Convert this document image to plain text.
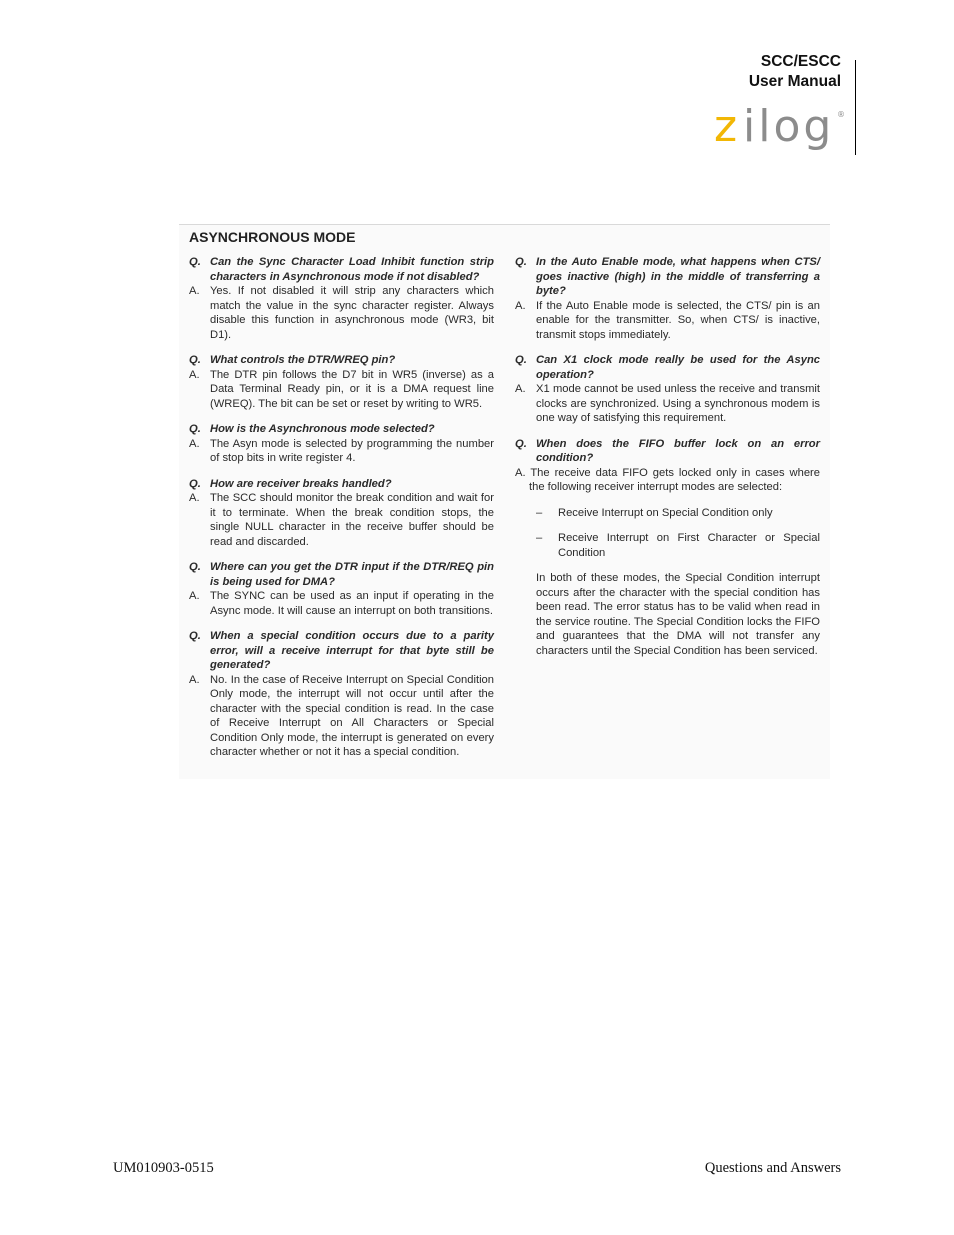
SCC/ESCC
User Manual
z ilog ®
ASYNCHRONOUS MODE
Q. Can the Sync Character Load Inhibit function strip characters in Asynchronous mode if not disabled?
A. Yes. If not disabled it will strip any characters which match the value in the sync character register. Always disable this function in asynchronous mode (WR3, bit D1).
Q. What controls the DTR/WREQ pin?
A. The DTR pin follows the D7 bit in WR5 (inverse) as a Data Terminal Ready pin, or it is a DMA request line (WREQ). The bit can be set or reset by writing to WR5.
Q. How is the Asynchronous mode selected?
A. The Asyn mode is selected by programming the number of stop bits in write register 4.
Q. How are receiver breaks handled?
A. The SCC should monitor the break condition and wait for it to terminate. When the break condition stops, the single NULL character in the receive buffer should be read and discarded.
Q. Where can you get the DTR input if the DTR/REQ pin is being used for DMA?
A. The SYNC can be used as an input if operating in the Async mode. It will cause an interrupt on both transitions.
Q. When a special condition occurs due to a parity error, will a receive interrupt for that byte still be generated?
A. No. In the case of Receive Interrupt on Special Condition Only mode, the interrupt will not occur until after the character with the special condition is read. In the case of Receive Interrupt on All Characters or Special Condition Only mode, the interrupt is generated on every character whether or not it has a special condition.
Q. In the Auto Enable mode, what happens when CTS/ goes inactive (high) in the middle of transferring a byte?
A. If the Auto Enable mode is selected, the CTS/ pin is an enable for the transmitter. So, when CTS/ is inactive, transmit stops immediately.
Q. Can X1 clock mode really be used for the Async operation?
A. X1 mode cannot be used unless the receive and transmit clocks are synchronized. Using a synchronous modem is one way of satisfying this requirement.
Q. When does the FIFO buffer lock on an error condition?
A. The receive data FIFO gets locked only in cases where the following receiver interrupt modes are selected:
–	Receive Interrupt on Special Condition only
–	Receive Interrupt on First Character or Special Condition
In both of these modes, the Special Condition interrupt occurs after the character with the special condition has been read. The error status has to be valid when read in the service routine. The Special Condition locks the FIFO and guarantees that the DMA will not transfer any characters until the Special Condition has been serviced.
UM010903-0515	Questions and Answers
